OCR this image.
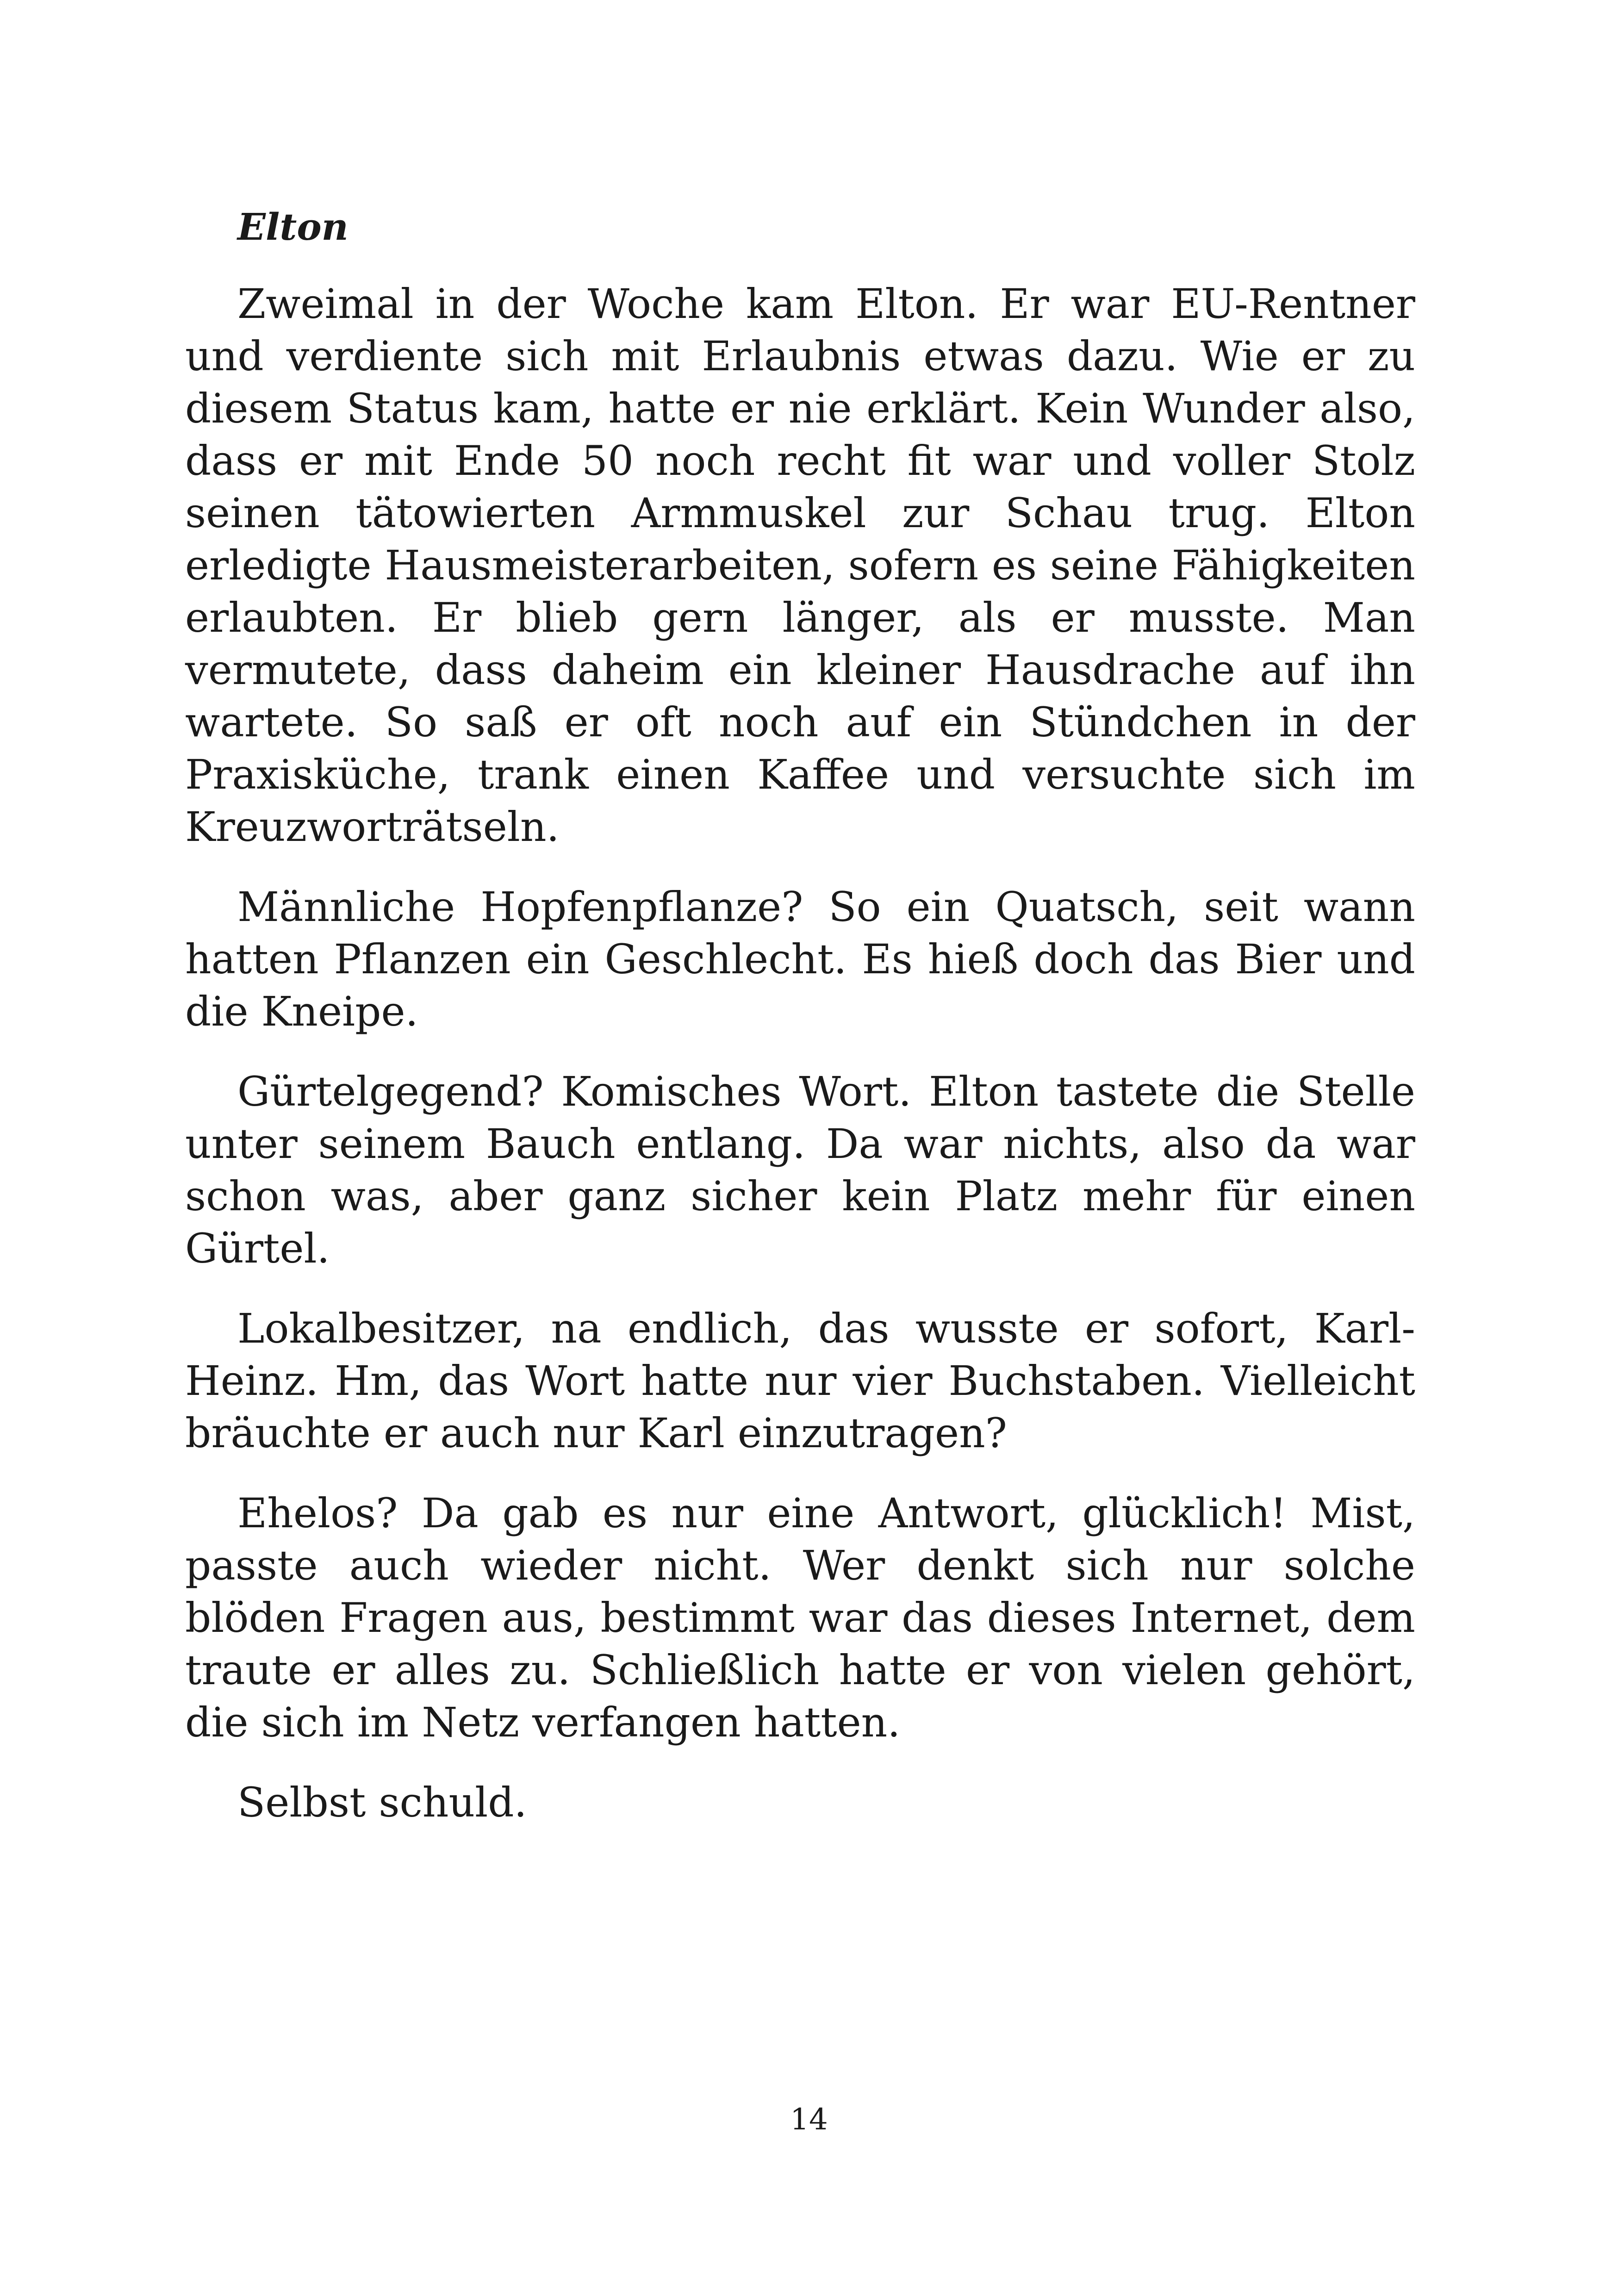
Elton

Zweimal in der Woche kam Elton. Er war EU-Rentner und verdiente sich mit Erlaubnis etwas dazu. Wie er zu diesem Status kam, hatte er nie erklärt. Kein Wunder also, dass er mit Ende 50 noch recht fit war und voller Stolz seinen tätowierten Armmuskel zur Schau trug. Elton erledigte Hausmeisterarbeiten, sofern es seine Fähigkeiten erlaubten. Er blieb gern länger, als er musste. Man vermutete, dass daheim ein kleiner Hausdrache auf ihn wartete. So saß er oft noch auf ein Stündchen in der Praxisküche, trank einen Kaffee und versuchte sich im Kreuzworträtseln.

Männliche Hopfenpflanze? So ein Quatsch, seit wann hatten Pflanzen ein Geschlecht. Es hieß doch das Bier und die Kneipe.

Gürtelgegend? Komisches Wort. Elton tastete die Stelle unter seinem Bauch entlang. Da war nichts, also da war schon was, aber ganz sicher kein Platz mehr für einen Gürtel.

Lokalbesitzer, na endlich, das wusste er sofort, Karl-Heinz. Hm, das Wort hatte nur vier Buchstaben. Vielleicht bräuchte er auch nur Karl einzutragen?

Ehelos? Da gab es nur eine Antwort, glücklich! Mist, passte auch wieder nicht. Wer denkt sich nur solche blöden Fragen aus, bestimmt war das dieses Internet, dem traute er alles zu. Schließlich hatte er von vielen gehört, die sich im Netz verfangen hatten.

Selbst schuld.

14
